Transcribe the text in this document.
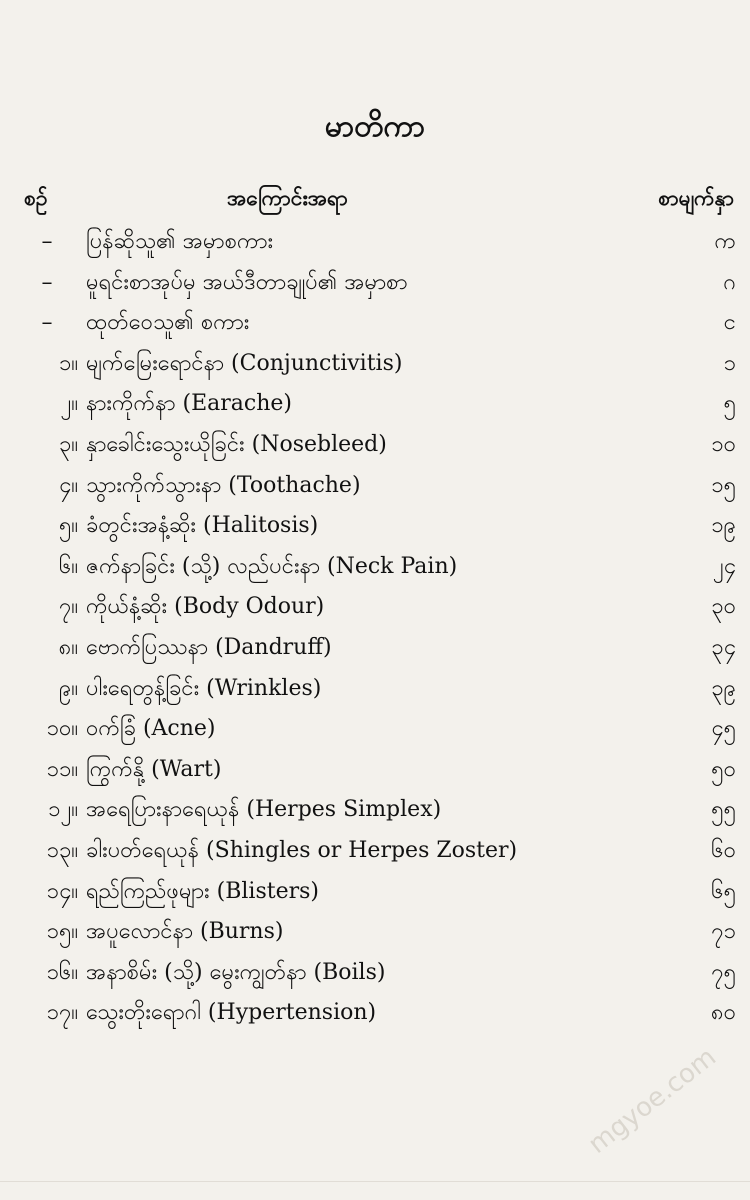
မာတိကာ
စဉ်	အကြောင်းအရာ	စာမျက်နှာ
–	ပြန်ဆိုသူ၏ အမှာစကား	က
–	မူရင်းစာအုပ်မှ အယ်ဒီတာချုပ်၏ အမှာစာ	ဂ
–	ထုတ်ဝေသူ၏ စကား	င
၁။ မျက်မြေးရောင်နာ (Conjunctivitis)	၁
၂။ နားကိုက်နာ (Earache)	၅
၃။ နှာခေါင်းသွေးယိုခြင်း (Nosebleed)	၁၀
၄။ သွားကိုက်သွားနာ (Toothache)	၁၅
၅။ ခံတွင်းအနံ့ဆိုး (Halitosis)	၁၉
၆။ ဇက်နာခြင်း (သို့) လည်ပင်းနာ (Neck Pain)	၂၄
၇။ ကိုယ်နံ့ဆိုး (Body Odour)	၃၀
၈။ ဗောက်ပြဿနာ (Dandruff)	၃၄
၉။ ပါးရေတွန့်ခြင်း (Wrinkles)	၃၉
၁၀။ ဝက်ခြံ (Acne)	၄၅
၁၁။ ကြွက်နို့ (Wart)	၅၀
၁၂။ အရေပြားနာရေယုန် (Herpes Simplex)	၅၅
၁၃။ ခါးပတ်ရေယုန် (Shingles or Herpes Zoster)	၆၀
၁၄။ ရည်ကြည်ဖုများ (Blisters)	၆၅
၁၅။ အပူလောင်နာ (Burns)	၇၁
၁၆။ အနာစိမ်း (သို့) မွေးကျွတ်နာ (Boils)	၇၅
၁၇။ သွေးတိုးရောဂါ (Hypertension)	၈၀
mgyoe.com
